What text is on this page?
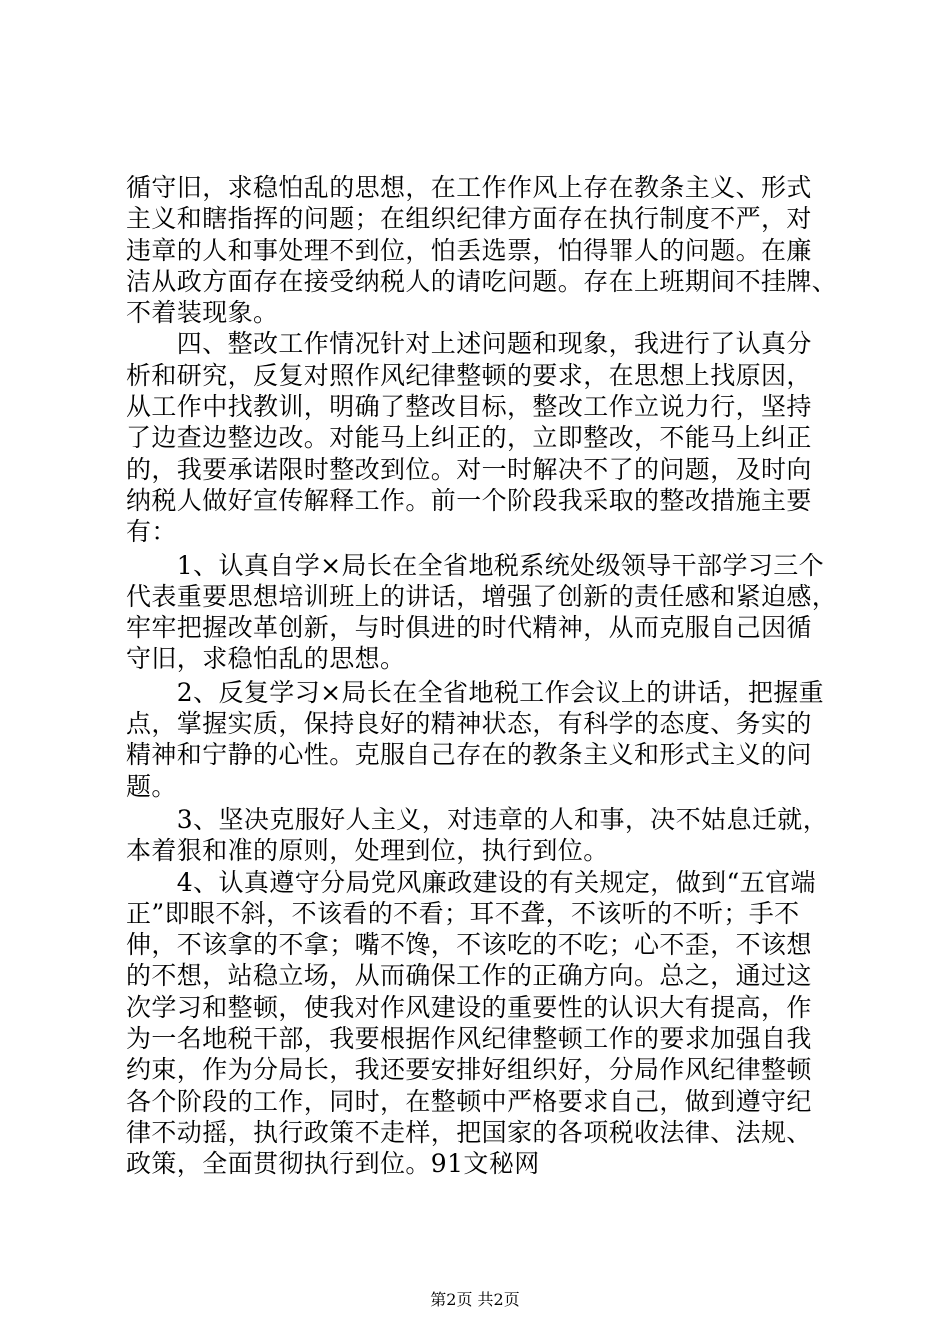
循守旧，求稳怕乱的思想，在工作作风上存在教条主义、形式
主义和瞎指挥的问题；在组织纪律方面存在执行制度不严，对
违章的人和事处理不到位，怕丢选票，怕得罪人的问题。在廉
洁从政方面存在接受纳税人的请吃问题。存在上班期间不挂牌、
不着装现象。
　　四、整改工作情况针对上述问题和现象，我进行了认真分
析和研究，反复对照作风纪律整顿的要求，在思想上找原因，
从工作中找教训，明确了整改目标，整改工作立说力行，坚持
了边查边整边改。对能马上纠正的，立即整改，不能马上纠正
的，我要承诺限时整改到位。对一时解决不了的问题，及时向
纳税人做好宣传解释工作。前一个阶段我采取的整改措施主要
有：
　　1、认真自学×局长在全省地税系统处级领导干部学习三个
代表重要思想培训班上的讲话，增强了创新的责任感和紧迫感，
牢牢把握改革创新，与时俱进的时代精神，从而克服自己因循
守旧，求稳怕乱的思想。
　　2、反复学习×局长在全省地税工作会议上的讲话，把握重
点，掌握实质，保持良好的精神状态，有科学的态度、务实的
精神和宁静的心性。克服自己存在的教条主义和形式主义的问
题。
　　3、坚决克服好人主义，对违章的人和事，决不姑息迁就，
本着狠和准的原则，处理到位，执行到位。
　　4、认真遵守分局党风廉政建设的有关规定，做到“五官端
正”即眼不斜，不该看的不看；耳不聋，不该听的不听；手不
伸，不该拿的不拿；嘴不馋，不该吃的不吃；心不歪，不该想
的不想，站稳立场，从而确保工作的正确方向。总之，通过这
次学习和整顿，使我对作风建设的重要性的认识大有提高，作
为一名地税干部，我要根据作风纪律整顿工作的要求加强自我
约束，作为分局长，我还要安排好组织好，分局作风纪律整顿
各个阶段的工作，同时，在整顿中严格要求自己，做到遵守纪
律不动摇，执行政策不走样，把国家的各项税收法律、法规、
政策，全面贯彻执行到位。91文秘网
第2页 共2页
